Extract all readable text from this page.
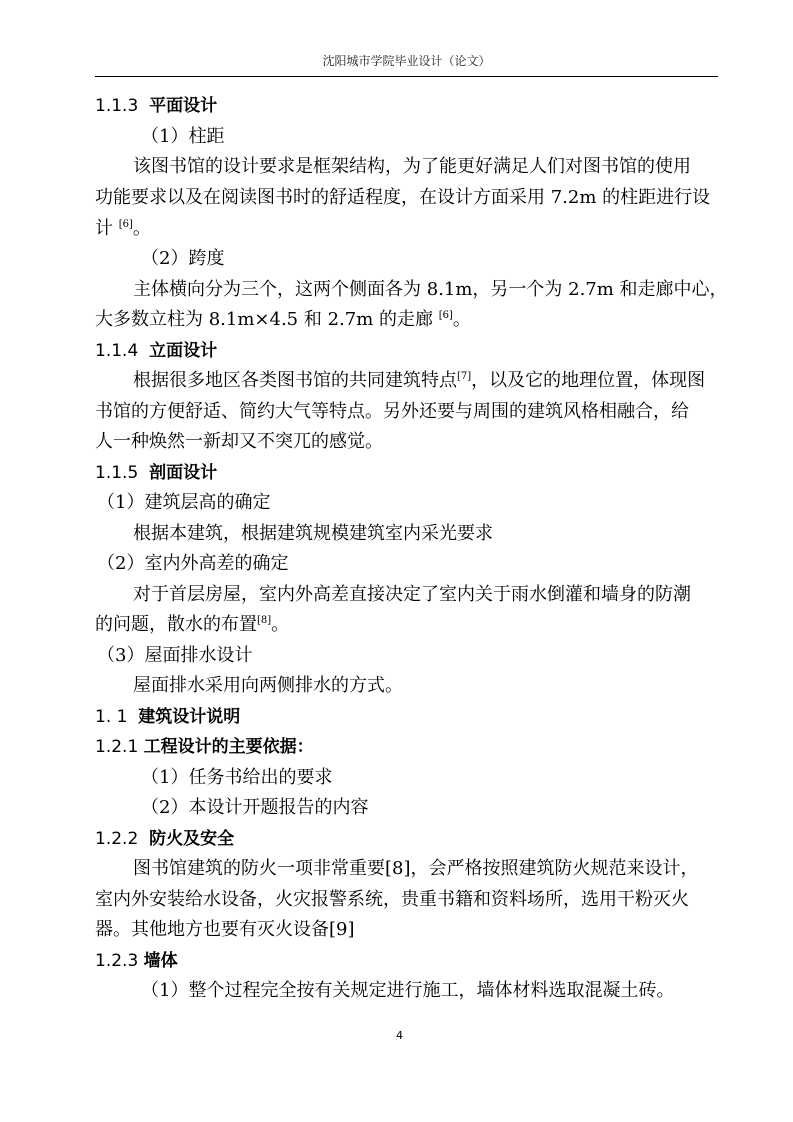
沈阳城市学院毕业设计（论文）
1.1.3 平面设计
（1）柱距
该图书馆的设计要求是框架结构，为了能更好满足人们对图书馆的使用
功能要求以及在阅读图书时的舒适程度，在设计方面采用 7.2m 的柱距进行设
计 [6]。
（2）跨度
主体横向分为三个，这两个侧面各为 8.1m，另一个为 2.7m 和走廊中心，
大多数立柱为 8.1m×4.5 和 2.7m 的走廊 [6]。
1.1.4 立面设计
根据很多地区各类图书馆的共同建筑特点[7]，以及它的地理位置，体现图
书馆的方便舒适、简约大气等特点。另外还要与周围的建筑风格相融合，给
人一种焕然一新却又不突兀的感觉。
1.1.5 剖面设计
（1）建筑层高的确定
根据本建筑，根据建筑规模建筑室内采光要求
（2）室内外高差的确定
对于首层房屋，室内外高差直接决定了室内关于雨水倒灌和墙身的防潮
的问题，散水的布置[8]。
（3）屋面排水设计
屋面排水采用向两侧排水的方式。
1. 1 建筑设计说明
1.2.1 工程设计的主要依据：
（1）任务书给出的要求
（2）本设计开题报告的内容
1.2.2 防火及安全
图书馆建筑的防火一项非常重要[8]，会严格按照建筑防火规范来设计，
室内外安装给水设备，火灾报警系统，贵重书籍和资料场所，选用干粉灭火
器。其他地方也要有灭火设备[9]
1.2.3 墙体
（1）整个过程完全按有关规定进行施工，墙体材料选取混凝土砖。
4
